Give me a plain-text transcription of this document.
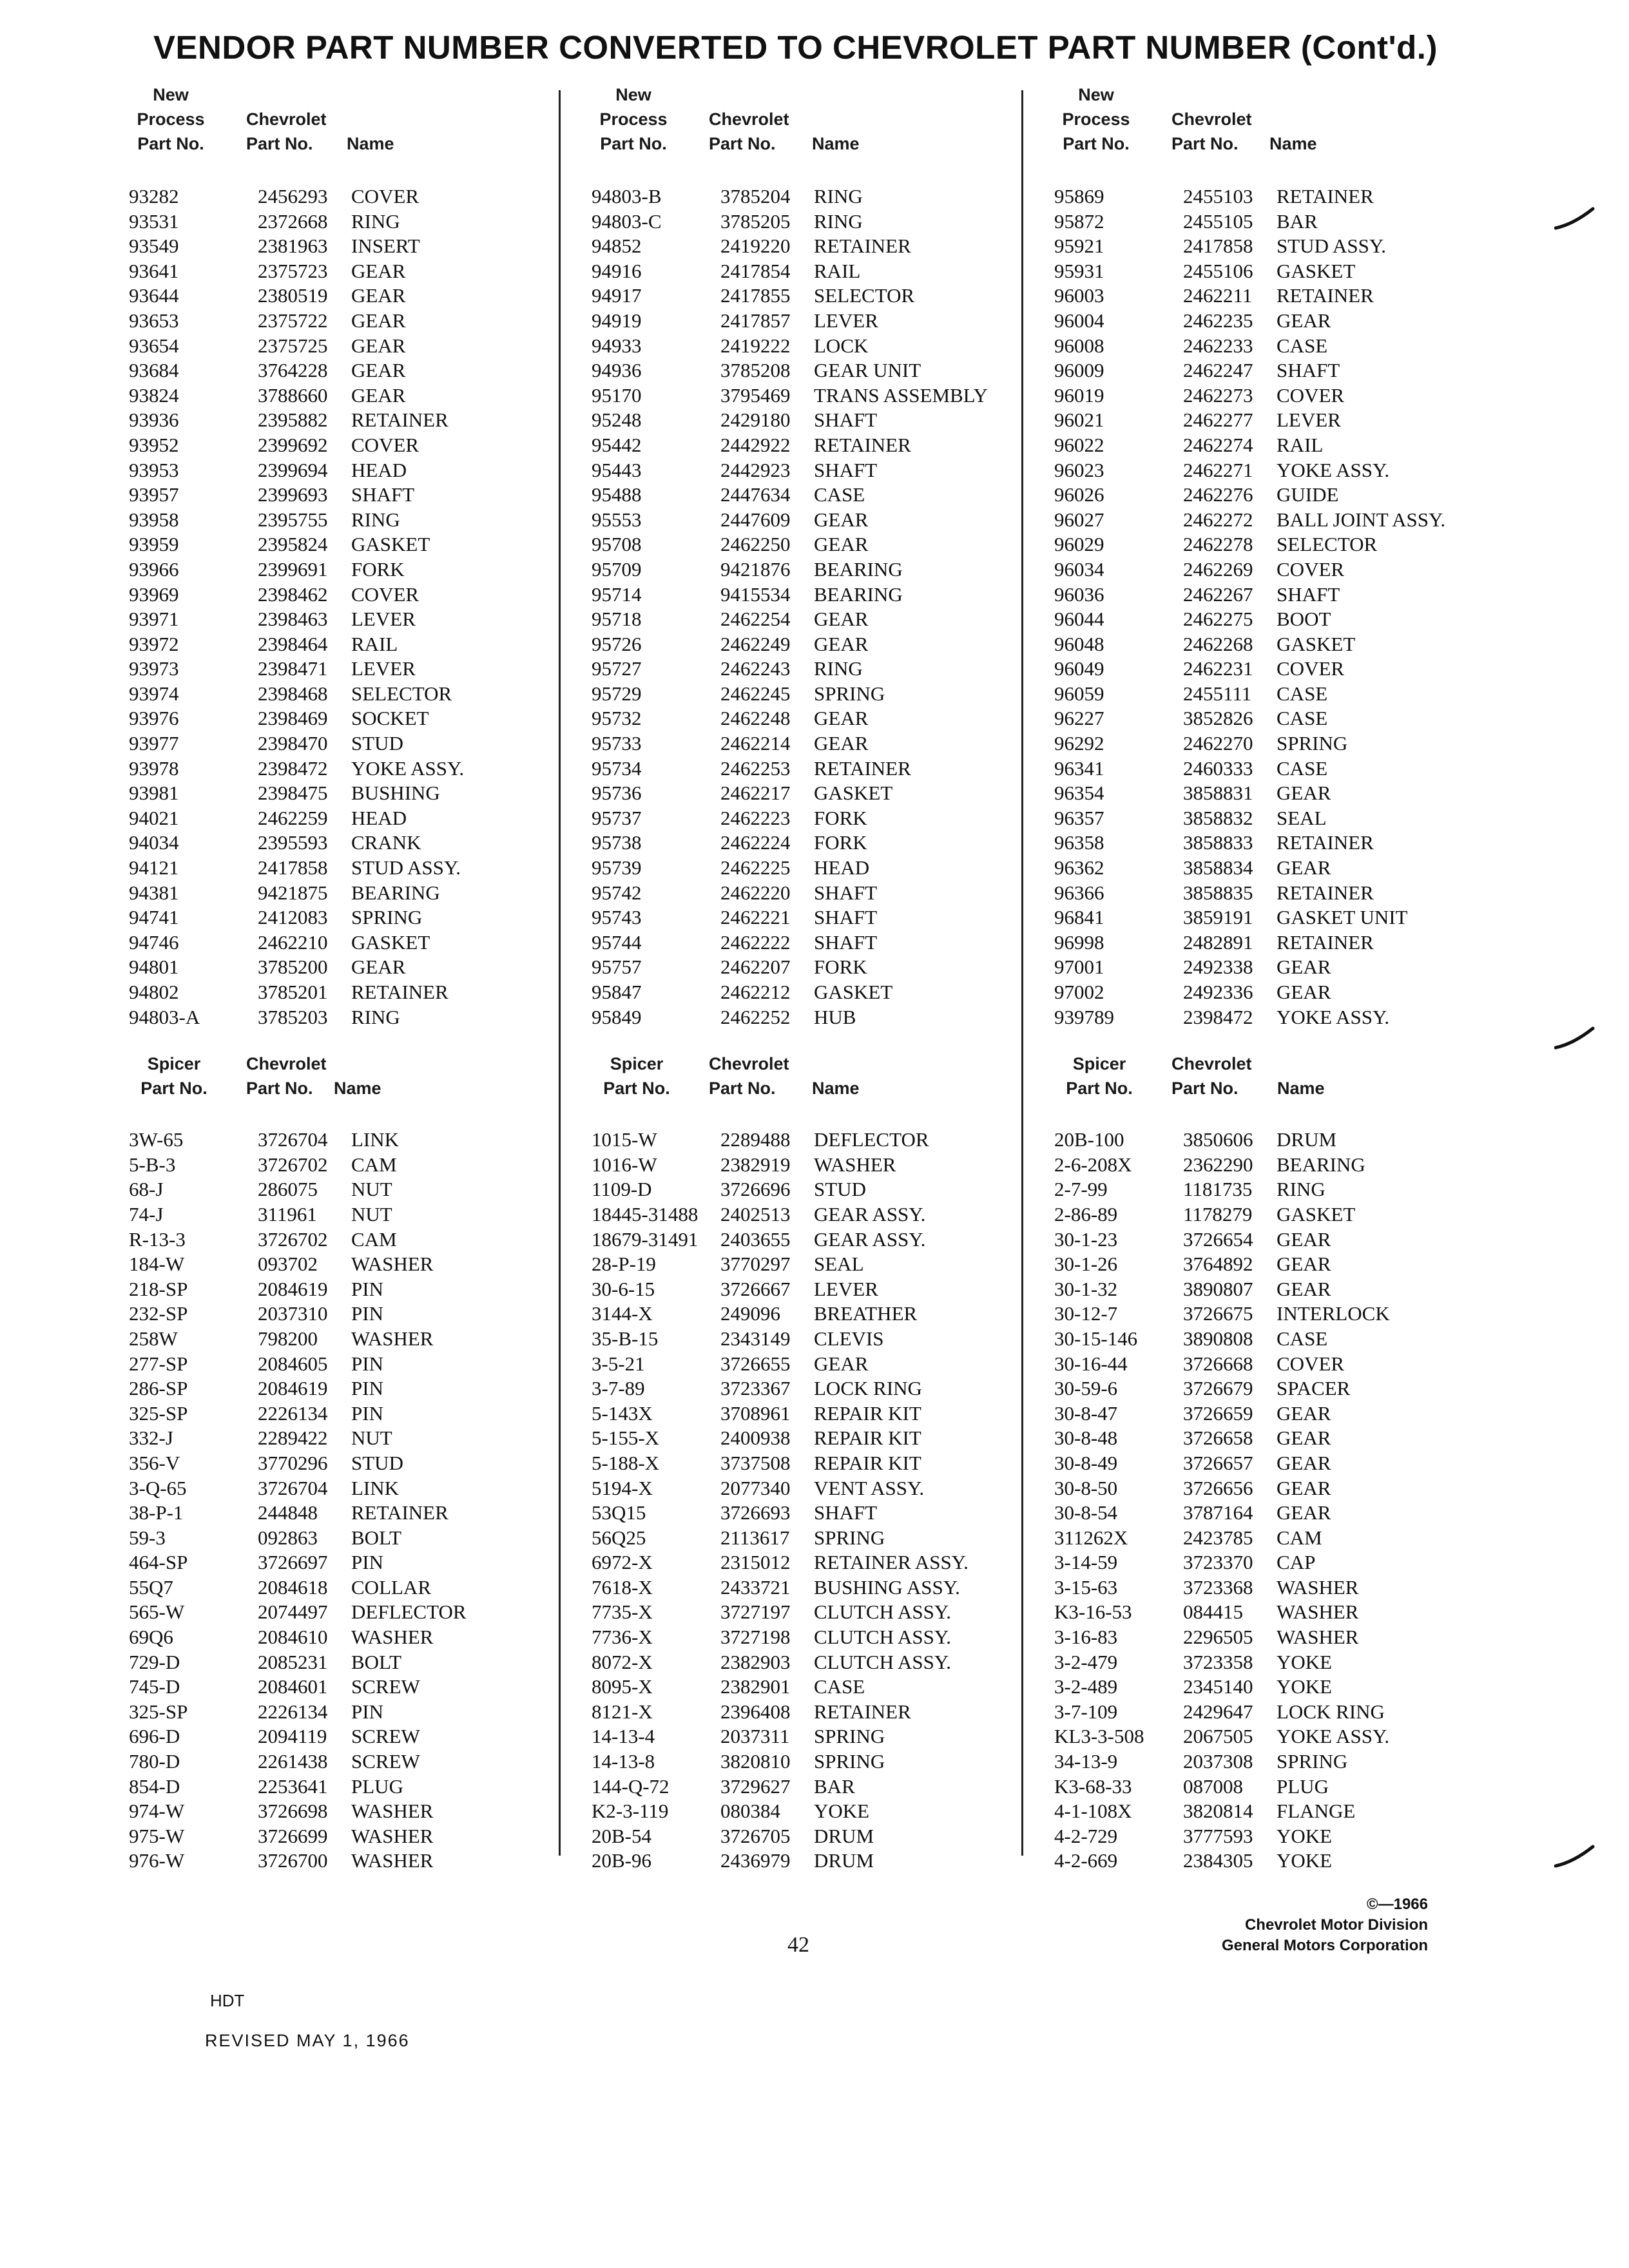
VENDOR PART NUMBER CONVERTED TO CHEVROLET PART NUMBER (Cont'd.)
New
Process
Part No.
Chevrolet
Part No. Name
93282	2456293 COVER
93531	2372668 RING
93549	2381963 INSERT
93641	2375723 GEAR
93644	2380519 GEAR
93653	2375722 GEAR
93654	2375725 GEAR
93684	3764228 GEAR
93824	3788660 GEAR
93936	2395882 RETAINER
93952	2399692 COVER
93953	2399694 HEAD
93957	2399693 SHAFT
93958	2395755 RING
93959	2395824 GASKET
93966	2399691 FORK
93969	2398462 COVER
93971	2398463 LEVER
93972	2398464 RAIL
93973	2398471 LEVER
93974	2398468 SELECTOR
93976	2398469 SOCKET
93977	2398470 STUD
93978	2398472 YOKE ASSY.
93981	2398475 BUSHING
94021	2462259 HEAD
94034	2395593 CRANK
94121	2417858 STUD ASSY.
94381	9421875 BEARING
94741	2412083 SPRING
94746	2462210 GASKET
94801	3785200 GEAR
94802	3785201 RETAINER
94803-A	3785203 RING
Spicer
Part No.
Chevrolet
Part No. Name
3W-65	3726704 LINK
5-B-3	3726702 CAM
68-J	286075 NUT
74-J	311961 NUT
R-13-3	3726702 CAM
184-W	093702 WASHER
218-SP	2084619 PIN
232-SP	2037310 PIN
258W	798200 WASHER
277-SP	2084605 PIN
286-SP	2084619 PIN
325-SP	2226134 PIN
332-J	2289422 NUT
356-V	3770296 STUD
3-Q-65	3726704 LINK
38-P-1	244848 RETAINER
59-3	092863 BOLT
464-SP	3726697 PIN
55Q7	2084618 COLLAR
565-W	2074497 DEFLECTOR
69Q6	2084610 WASHER
729-D	2085231 BOLT
745-D	2084601 SCREW
325-SP	2226134 PIN
696-D	2094119 SCREW
780-D	2261438 SCREW
854-D	2253641 PLUG
974-W	3726698 WASHER
975-W	3726699 WASHER
976-W	3726700 WASHER
New
Process
Part No.
Chevrolet
Part No. Name
94803-B	3785204 RING
94803-C	3785205 RING
94852	2419220 RETAINER
94916	2417854 RAIL
94917	2417855 SELECTOR
94919	2417857 LEVER
94933	2419222 LOCK
94936	3785208 GEAR UNIT
95170	3795469 TRANS ASSEMBLY
95248	2429180 SHAFT
95442	2442922 RETAINER
95443	2442923 SHAFT
95488	2447634 CASE
95553	2447609 GEAR
95708	2462250 GEAR
95709	9421876 BEARING
95714	9415534 BEARING
95718	2462254 GEAR
95726	2462249 GEAR
95727	2462243 RING
95729	2462245 SPRING
95732	2462248 GEAR
95733	2462214 GEAR
95734	2462253 RETAINER
95736	2462217 GASKET
95737	2462223 FORK
95738	2462224 FORK
95739	2462225 HEAD
95742	2462220 SHAFT
95743	2462221 SHAFT
95744	2462222 SHAFT
95757	2462207 FORK
95847	2462212 GASKET
95849	2462252 HUB
Spicer
Part No.
Chevrolet
Part No. Name
1015-W	2289488 DEFLECTOR
1016-W	2382919 WASHER
1109-D	3726696 STUD
18445-31488 2402513 GEAR ASSY.
18679-31491 2403655 GEAR ASSY.
28-P-19	3770297 SEAL
30-6-15	3726667 LEVER
3144-X	249096 BREATHER
35-B-15	2343149 CLEVIS
3-5-21	3726655 GEAR
3-7-89	3723367 LOCK RING
5-143X	3708961 REPAIR KIT
5-155-X	2400938 REPAIR KIT
5-188-X	3737508 REPAIR KIT
5194-X	2077340 VENT ASSY.
53Q15	3726693 SHAFT
56Q25	2113617 SPRING
6972-X	2315012 RETAINER ASSY.
7618-X	2433721 BUSHING ASSY.
7735-X	3727197 CLUTCH ASSY.
7736-X	3727198 CLUTCH ASSY.
8072-X	2382903 CLUTCH ASSY.
8095-X	2382901 CASE
8121-X	2396408 RETAINER
14-13-4	2037311 SPRING
14-13-8	3820810 SPRING
144-Q-72	3729627 BAR
K2-3-119	080384 YOKE
20B-54	3726705 DRUM
20B-96	2436979 DRUM
New
Process
Part No.
Chevrolet
Part No. Name
95869	2455103 RETAINER
95872	2455105 BAR
95921	2417858 STUD ASSY.
95931	2455106 GASKET
96003	2462211 RETAINER
96004	2462235 GEAR
96008	2462233 CASE
96009	2462247 SHAFT
96019	2462273 COVER
96021	2462277 LEVER
96022	2462274 RAIL
96023	2462271 YOKE ASSY.
96026	2462276 GUIDE
96027	2462272 BALL JOINT ASSY.
96029	2462278 SELECTOR
96034	2462269 COVER
96036	2462267 SHAFT
96044	2462275 BOOT
96048	2462268 GASKET
96049	2462231 COVER
96059	2455111 CASE
96227	3852826 CASE
96292	2462270 SPRING
96341	2460333 CASE
96354	3858831 GEAR
96357	3858832 SEAL
96358	3858833 RETAINER
96362	3858834 GEAR
96366	3858835 RETAINER
96841	3859191 GASKET UNIT
96998	2482891 RETAINER
97001	2492338 GEAR
97002	2492336 GEAR
939789	2398472 YOKE ASSY.
Spicer
Part No.
Chevrolet
Part No. Name
20B-100	3850606 DRUM
2-6-208X	2362290 BEARING
2-7-99	1181735 RING
2-86-89	1178279 GASKET
30-1-23	3726654 GEAR
30-1-26	3764892 GEAR
30-1-32	3890807 GEAR
30-12-7	3726675 INTERLOCK
30-15-146 3890808 CASE
30-16-44	3726668 COVER
30-59-6	3726679 SPACER
30-8-47	3726659 GEAR
30-8-48	3726658 GEAR
30-8-49	3726657 GEAR
30-8-50	3726656 GEAR
30-8-54	3787164 GEAR
311262X	2423785 CAM
3-14-59	3723370 CAP
3-15-63	3723368 WASHER
K3-16-53	084415 WASHER
3-16-83	2296505 WASHER
3-2-479	3723358 YOKE
3-2-489	2345140 YOKE
3-7-109	2429647 LOCK RING
KL3-3-508 2067505 YOKE ASSY.
34-13-9	2037308 SPRING
K3-68-33	087008 PLUG
4-1-108X	3820814 FLANGE
4-2-729	3777593 YOKE
4-2-669	2384305 YOKE
©—1966
Chevrolet Motor Division
General Motors Corporation
42
HDT
REVISED MAY 1, 1966
